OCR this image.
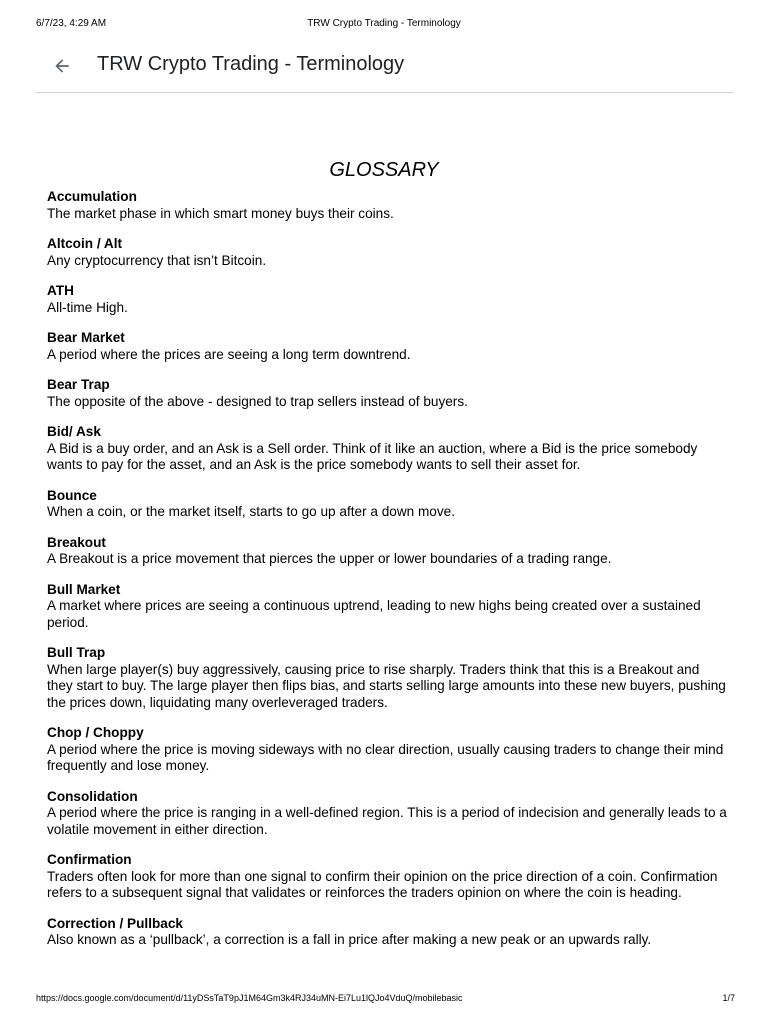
6/7/23, 4:29 AM	TRW Crypto Trading - Terminology
TRW Crypto Trading - Terminology
GLOSSARY
Accumulation
The market phase in which smart money buys their coins.
Altcoin / Alt
Any cryptocurrency that isn’t Bitcoin.
ATH
All-time High.
Bear Market
A period where the prices are seeing a long term downtrend.
Bear Trap
The opposite of the above - designed to trap sellers instead of buyers.
Bid/ Ask
A Bid is a buy order, and an Ask is a Sell order. Think of it like an auction, where a Bid is the price somebody wants to pay for the asset, and an Ask is the price somebody wants to sell their asset for.
Bounce
When a coin, or the market itself, starts to go up after a down move.
Breakout
A Breakout is a price movement that pierces the upper or lower boundaries of a trading range.
Bull Market
A market where prices are seeing a continuous uptrend, leading to new highs being created over a sustained period.
Bull Trap
When large player(s) buy aggressively, causing price to rise sharply. Traders think that this is a Breakout and they start to buy. The large player then flips bias, and starts selling large amounts into these new buyers, pushing the prices down, liquidating many overleveraged traders.
Chop / Choppy
A period where the price is moving sideways with no clear direction, usually causing traders to change their mind frequently and lose money.
Consolidation
A period where the price is ranging in a well-defined region. This is a period of indecision and generally leads to a volatile movement in either direction.
Confirmation
Traders often look for more than one signal to confirm their opinion on the price direction of a coin. Confirmation refers to a subsequent signal that validates or reinforces the traders opinion on where the coin is heading.
Correction / Pullback
Also known as a ‘pullback’, a correction is a fall in price after making a new peak or an upwards rally.
https://docs.google.com/document/d/11yDSsTaT9pJ1M64Gm3k4RJ34uMN-Ei7Lu1lQJo4VduQ/mobilebasic	1/7
